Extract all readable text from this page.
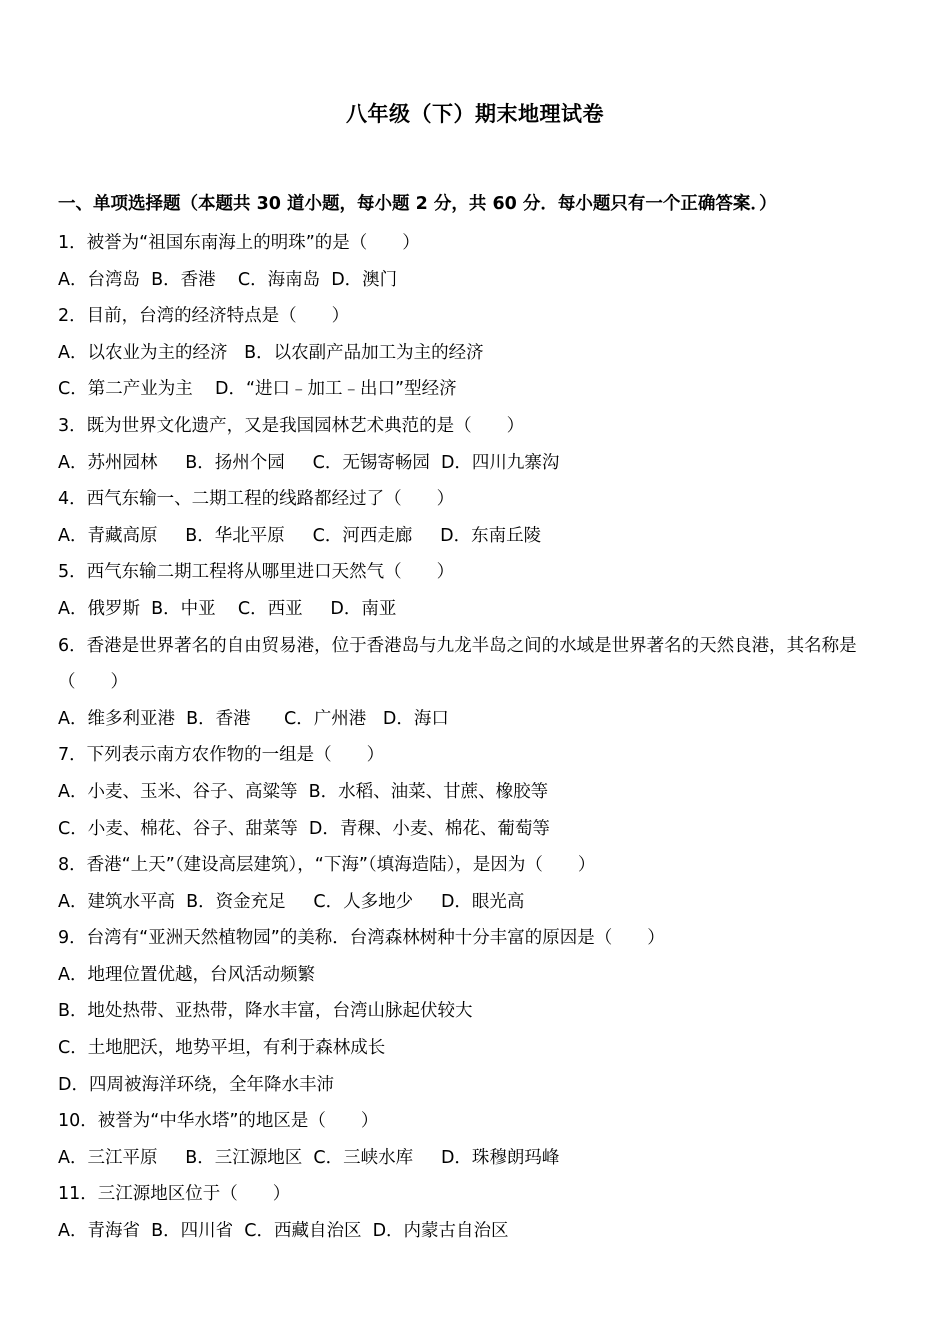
八年级（下）期末地理试卷
一、单项选择题（本题共 30 道小题，每小题 2 分，共 60 分．每小题只有一个正确答案．）
1．被誉为“祖国东南海上的明珠”的是（　　）
A．台湾岛  B．香港    C．海南岛  D．澳门
2．目前，台湾的经济特点是（　　）
A．以农业为主的经济   B．以农副产品加工为主的经济
C．第二产业为主    D．“进口﹣加工﹣出口”型经济
3．既为世界文化遗产，又是我国园林艺术典范的是（　　）
A．苏州园林     B．扬州个园     C．无锡寄畅园  D．四川九寨沟
4．西气东输一、二期工程的线路都经过了（　　）
A．青藏高原     B．华北平原     C．河西走廊     D．东南丘陵
5．西气东输二期工程将从哪里进口天然气（　　）
A．俄罗斯  B．中亚    C．西亚     D．南亚
6．香港是世界著名的自由贸易港，位于香港岛与九龙半岛之间的水域是世界著名的天然良港，其名称是（　　）
A．维多利亚港  B．香港      C．广州港   D．海口
7．下列表示南方农作物的一组是（　　）
A．小麦、玉米、谷子、高粱等  B．水稻、油菜、甘蔗、橡胶等
C．小麦、棉花、谷子、甜菜等  D．青稞、小麦、棉花、葡萄等
8．香港“上天”（建设高层建筑），“下海”（填海造陆），是因为（　　）
A．建筑水平高  B．资金充足     C．人多地少     D．眼光高
9．台湾有“亚洲天然植物园”的美称．台湾森林树种十分丰富的原因是（　　）
A．地理位置优越，台风活动频繁
B．地处热带、亚热带，降水丰富，台湾山脉起伏较大
C．土地肥沃，地势平坦，有利于森林成长
D．四周被海洋环绕，全年降水丰沛
10．被誉为“中华水塔”的地区是（　　）
A．三江平原     B．三江源地区  C．三峡水库     D．珠穆朗玛峰
11．三江源地区位于（　　）
A．青海省  B．四川省  C．西藏自治区  D．内蒙古自治区
